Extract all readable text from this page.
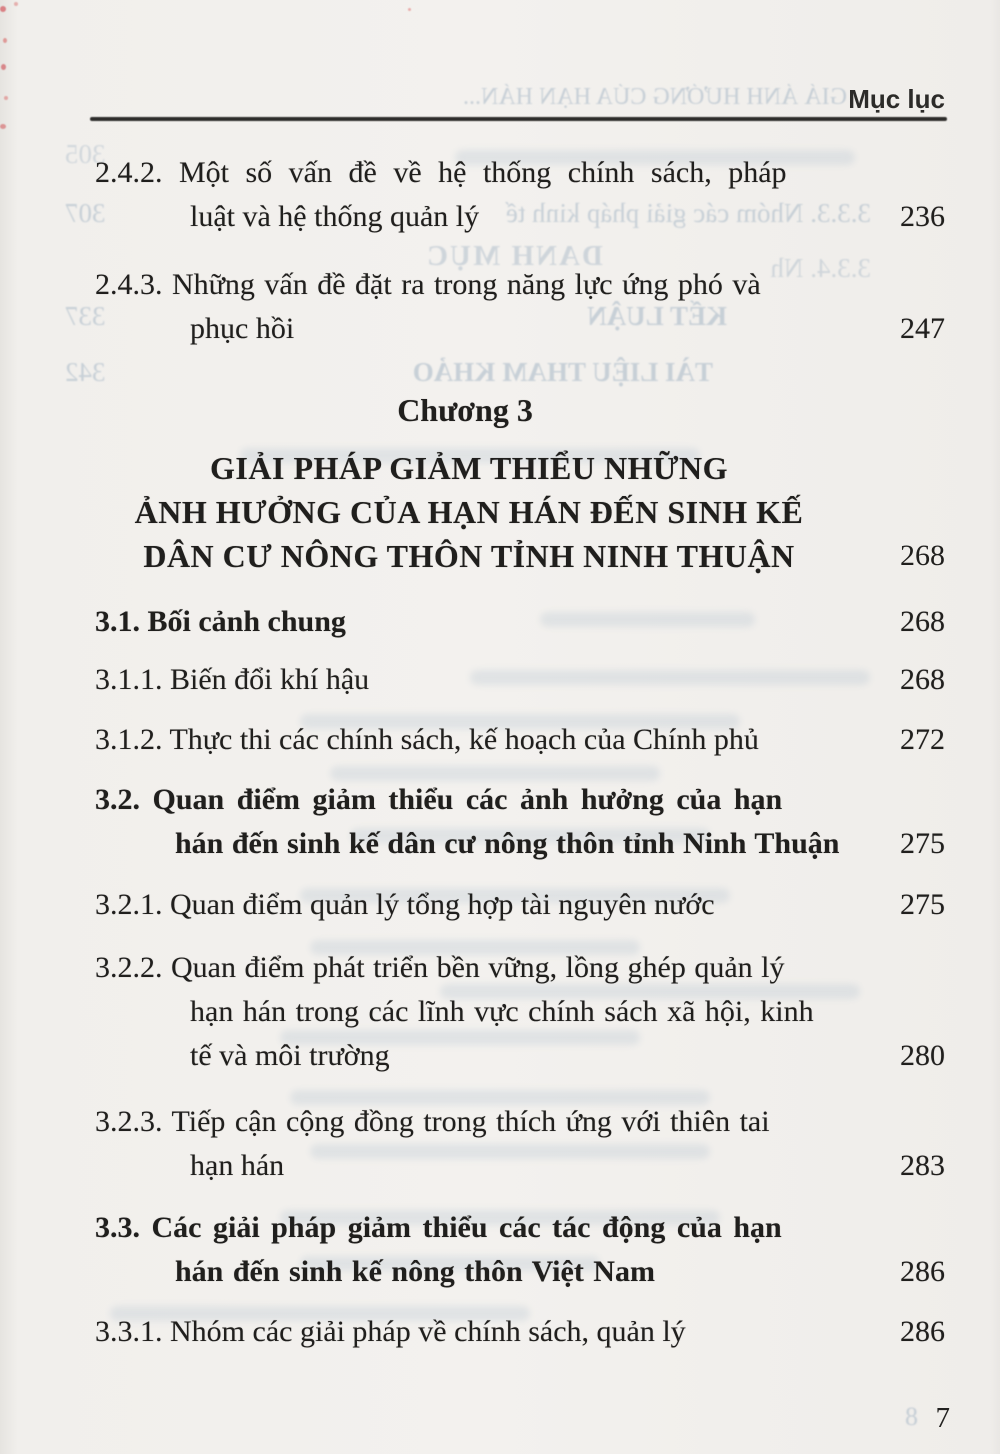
GIÁ ẢNH HƯỞNG CỦA HẠN HÁN...
305
3.3.3. Nhóm các giải pháp kinh tế
307
3.3.4. Nh
DANH MỤC
KẾT LUẬN
337
TÀI LIỆU THAM KHẢO
342
8
Mục lục
2.4.2. Một số vấn đề về hệ thống chính sách, pháp
luật và hệ thống quản lý	236
2.4.3. Những vấn đề đặt ra trong năng lực ứng phó và
phục hồi	247
Chương 3
GIẢI PHÁP GIẢM THIỂU NHỮNG
ẢNH HƯỞNG CỦA HẠN HÁN ĐẾN SINH KẾ
DÂN CƯ NÔNG THÔN TỈNH NINH THUẬN	268
3.1. Bối cảnh chung	268
3.1.1. Biến đổi khí hậu	268
3.1.2. Thực thi các chính sách, kế hoạch của Chính phủ	272
3.2. Quan điểm giảm thiểu các ảnh hưởng của hạn
hán đến sinh kế dân cư nông thôn tỉnh Ninh Thuận 275
3.2.1. Quan điểm quản lý tổng hợp tài nguyên nước	275
3.2.2. Quan điểm phát triển bền vững, lồng ghép quản lý
hạn hán trong các lĩnh vực chính sách xã hội, kinh
tế và môi trường	280
3.2.3. Tiếp cận cộng đồng trong thích ứng với thiên tai
hạn hán	283
3.3. Các giải pháp giảm thiểu các tác động của hạn
hán đến sinh kế nông thôn Việt Nam	286
3.3.1. Nhóm các giải pháp về chính sách, quản lý	286
7
